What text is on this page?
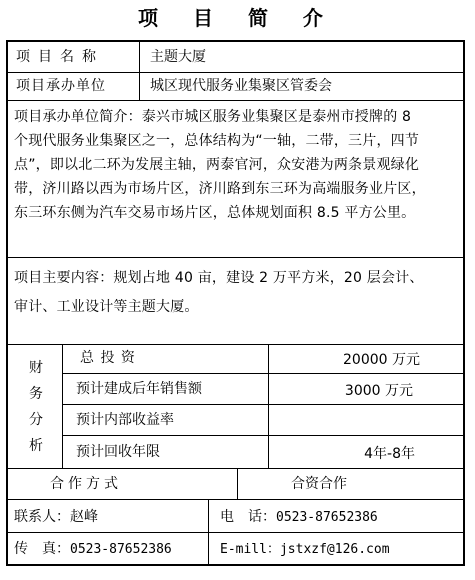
项 目 简 介
项目名称	主题大厦
项目承办单位	城区现代服务业集聚区管委会
项目承办单位简介：泰兴市城区服务业集聚区是泰州市授牌的 8
个现代服务业集聚区之一，总体结构为“一轴，二带，三片，四节
点”，即以北二环为发展主轴，两泰官河，众安港为两条景观绿化
带，济川路以西为市场片区，济川路到东三环为高端服务业片区，
东三环东侧为汽车交易市场片区，总体规划面积 8.5 平方公里。
项目主要内容：规划占地 40 亩，建设 2 万平方米，20 层会计、
审计、工业设计等主题大厦。
财
务
分
析
总 投 资	20000 万元
预计建成后年销售额	3000 万元
预计内部收益率
预计回收年限	4年-8年
合作方式	合资合作
联系人：赵峰	电　话：0523-87652386
传　真：0523-87652386	E-mill：jstxzf@126.com
